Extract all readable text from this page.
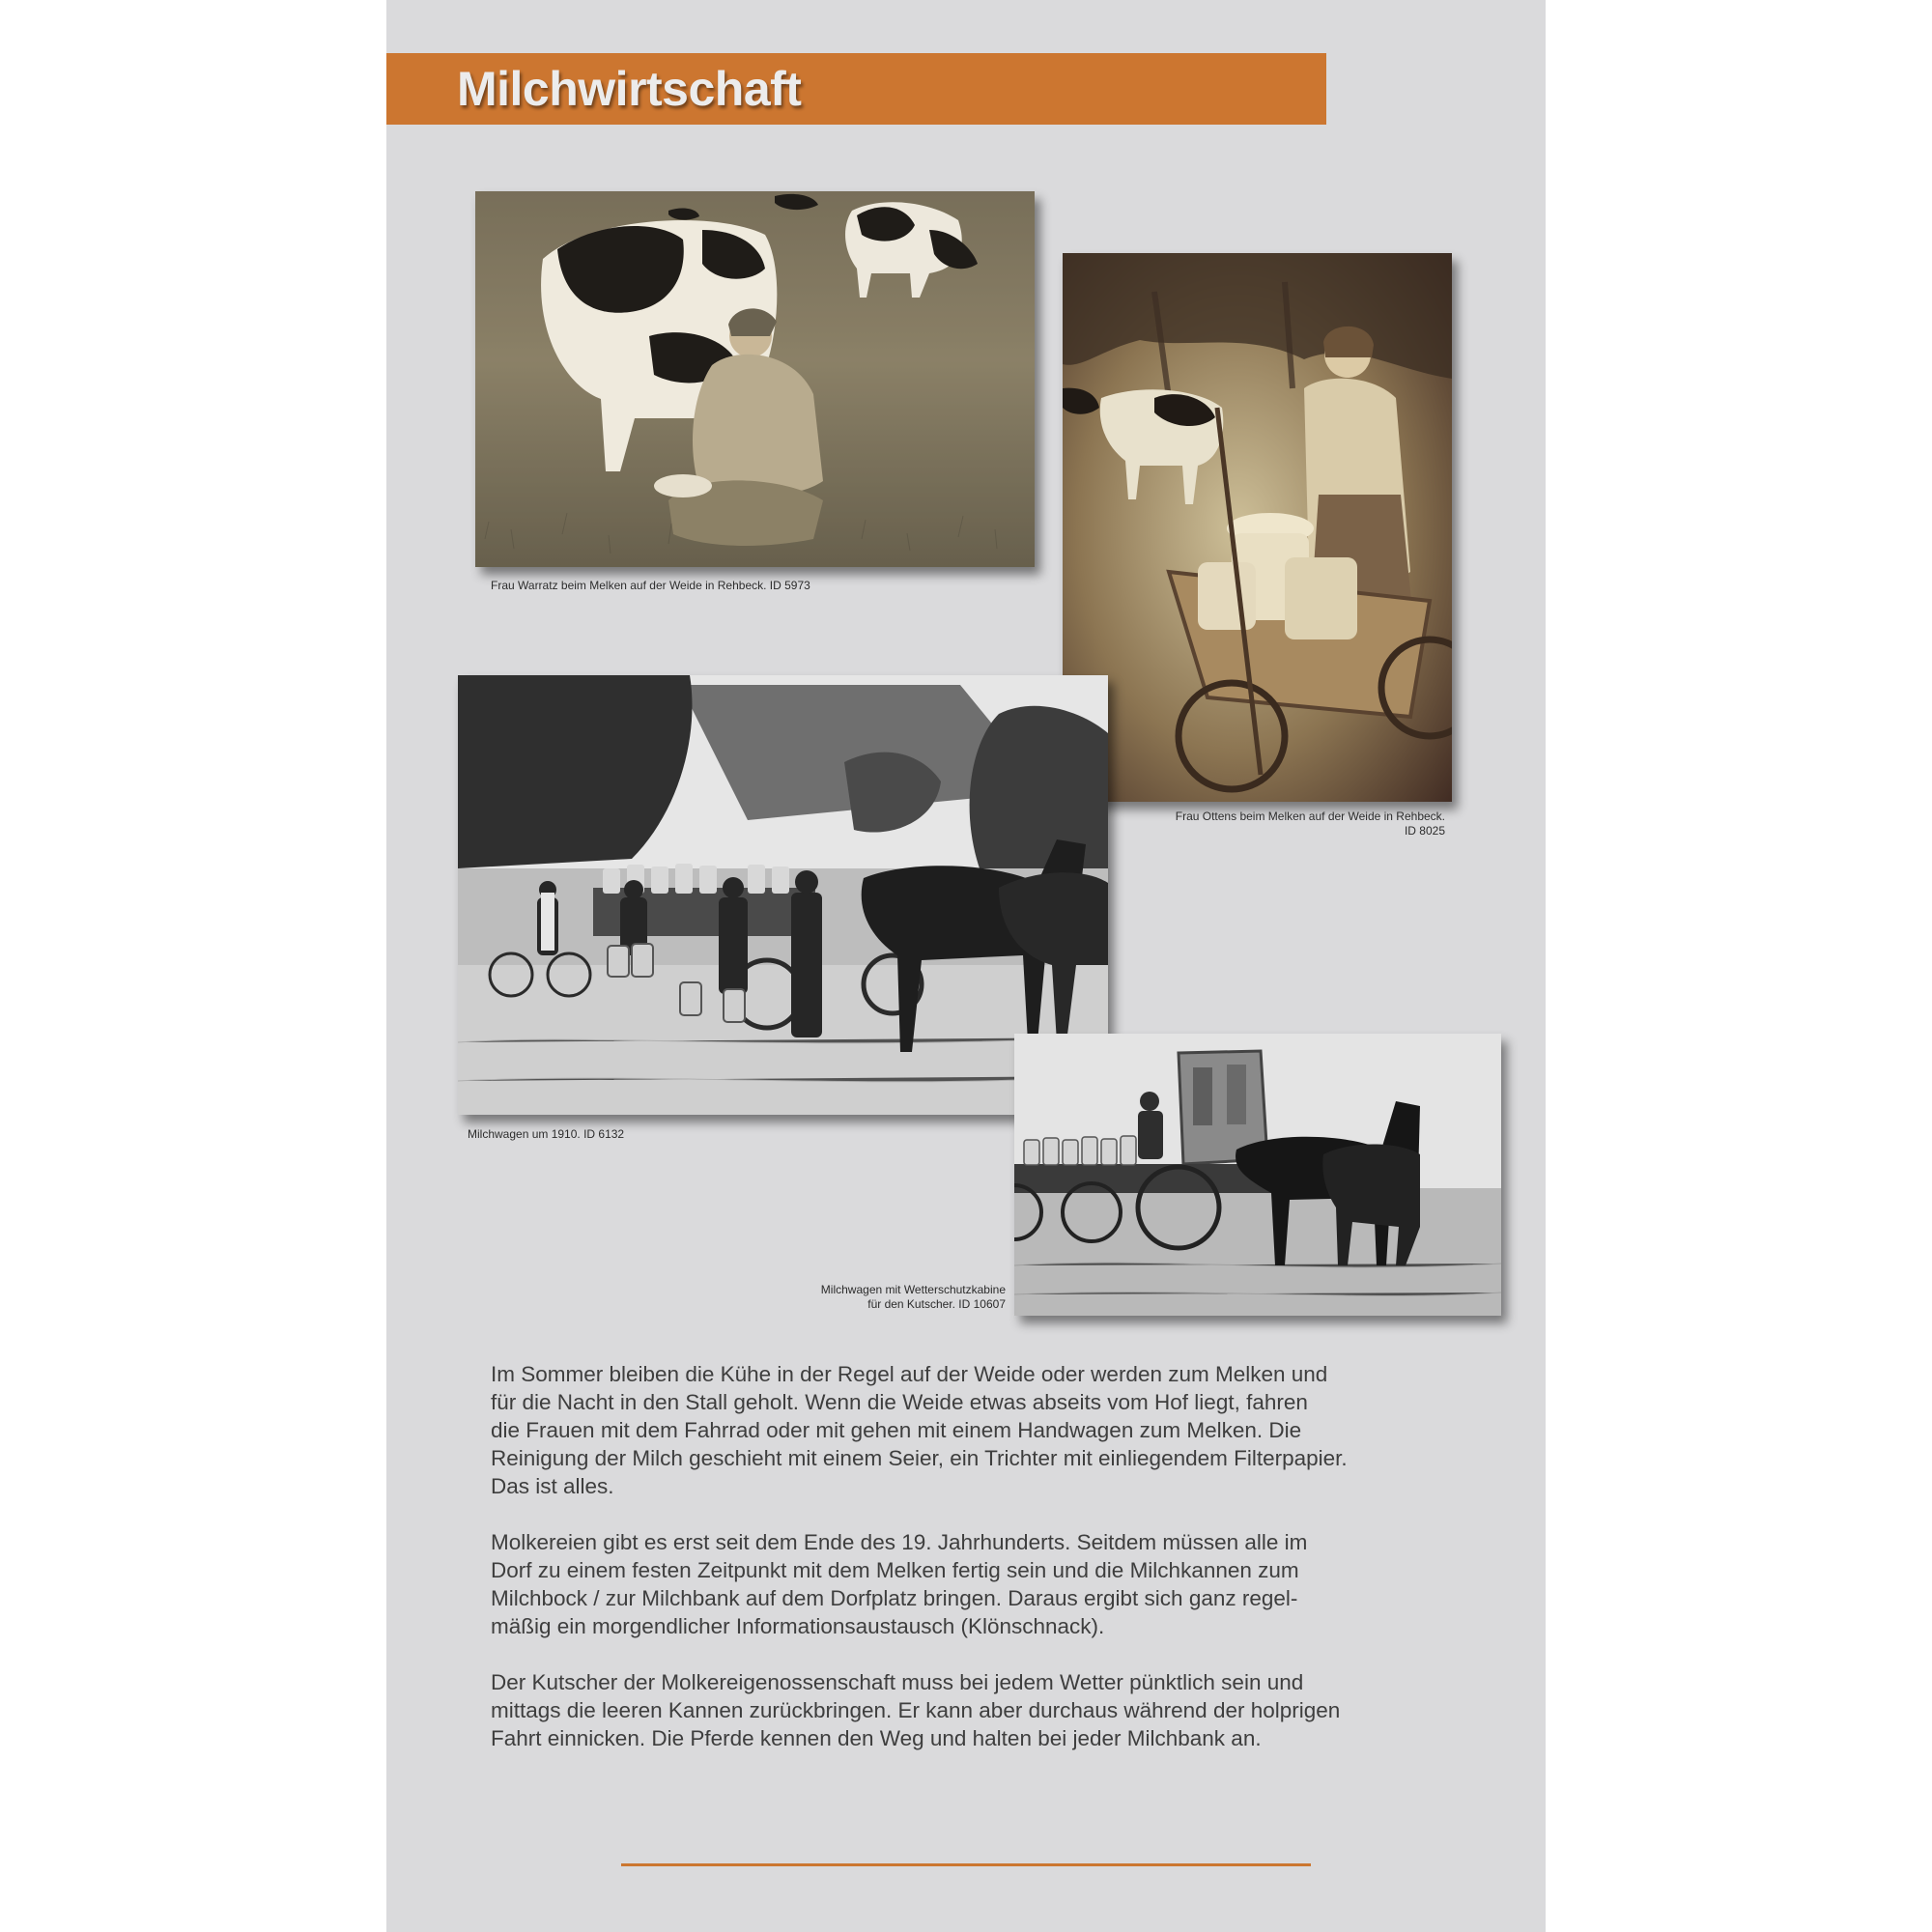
Milchwirtschaft
Frau Warratz beim Melken auf der Weide in Rehbeck. ID 5973
Frau Ottens beim Melken auf der Weide in Rehbeck.
ID 8025
Milchwagen um 1910. ID 6132
Milchwagen mit Wetterschutzkabine
für den Kutscher. ID 10607

Im Sommer bleiben die Kühe in der Regel auf der Weide oder werden zum Melken und
für die Nacht in den Stall geholt. Wenn die Weide etwas abseits vom Hof liegt, fahren
die Frauen mit dem Fahrrad oder mit gehen mit einem Handwagen zum Melken. Die
Reinigung der Milch geschieht mit einem Seier, ein Trichter mit einliegendem Filterpapier.
Das ist alles.

Molkereien gibt es erst seit dem Ende des 19. Jahrhunderts. Seitdem müssen alle im
Dorf zu einem festen Zeitpunkt mit dem Melken fertig sein und die Milchkannen zum
Milchbock / zur Milchbank auf dem Dorfplatz bringen. Daraus ergibt sich ganz regel-
mäßig ein morgendlicher Informationsaustausch (Klönschnack).

Der Kutscher der Molkereigenossenschaft muss bei jedem Wetter pünktlich sein und
mittags die leeren Kannen zurückbringen. Er kann aber durchaus während der holprigen
Fahrt einnicken. Die Pferde kennen den Weg und halten bei jeder Milchbank an.
